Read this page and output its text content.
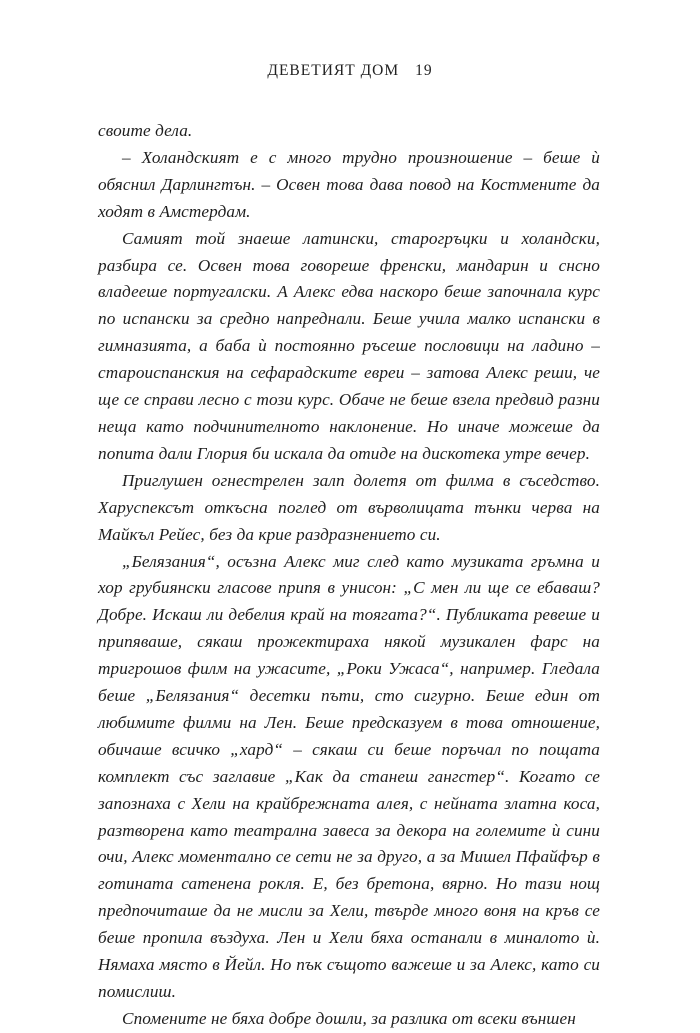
ДЕВЕТИЯТ ДОМ 19

своите дела.

– Холандският е с много трудно произношение – беше ѝ обяснил Дарлингтън. – Освен това дава повод на Костмените да ходят в Амстердам.

Самият той знаеше латински, старогръцки и холандски, разбира се. Освен това говореше френски, мандарин и снсно владееше португалски. А Алекс едва наскоро беше започнала курс по испански за средно напреднали. Беше учила малко испански в гимназията, а баба ѝ постоянно ръсеше пословици на ладино – староиспанския на сефарадските евреи – затова Алекс реши, че ще се справи лесно с този курс. Обаче не беше взела предвид разни неща като подчинителното наклонение. Но иначе можеше да попита дали Глория би искала да отиде на дискотека утре вечер.

Приглушен огнестрелен залп долетя от филма в съседство. Харуспексът откъсна поглед от върволицата тънки черва на Майкъл Рейес, без да крие раздразнението си.

„Белязания“, осъзна Алекс миг след като музиката гръмна и хор грубиянски гласове припя в унисон: „С мен ли ще се ебаваш? Добре. Искаш ли дебелия край на тоягата?“. Публиката ревеше и припяваше, сякаш прожектираха някой музикален фарс на тригрошов филм на ужасите, „Роки Ужаса“, например. Гледала беше „Белязания“ десетки пъти, сто сигурно. Беше един от любимите филми на Лен. Беше предсказуем в това отношение, обичаше всичко „хард“ – сякаш си беше поръчал по пощата комплект със заглавие „Как да станеш гангстер“. Когато се запознаха с Хели на крайбрежната алея, с нейната златна коса, разтворена като театрална завеса за декора на големите ѝ сини очи, Алекс моментално се сети не за друго, а за Мишел Пфайфър в готината сатенена рокля. Е, без бретона, вярно. Но тази нощ предпочиташе да не мисли за Хели, твърде много воня на кръв се беше пропила въздуха. Лен и Хели бяха останали в миналото ѝ. Нямаха място в Йейл. Но пък същото важеше и за Алекс, като си помислиш.

Спомените не бяха добре дошли, за разлика от всеки външен
